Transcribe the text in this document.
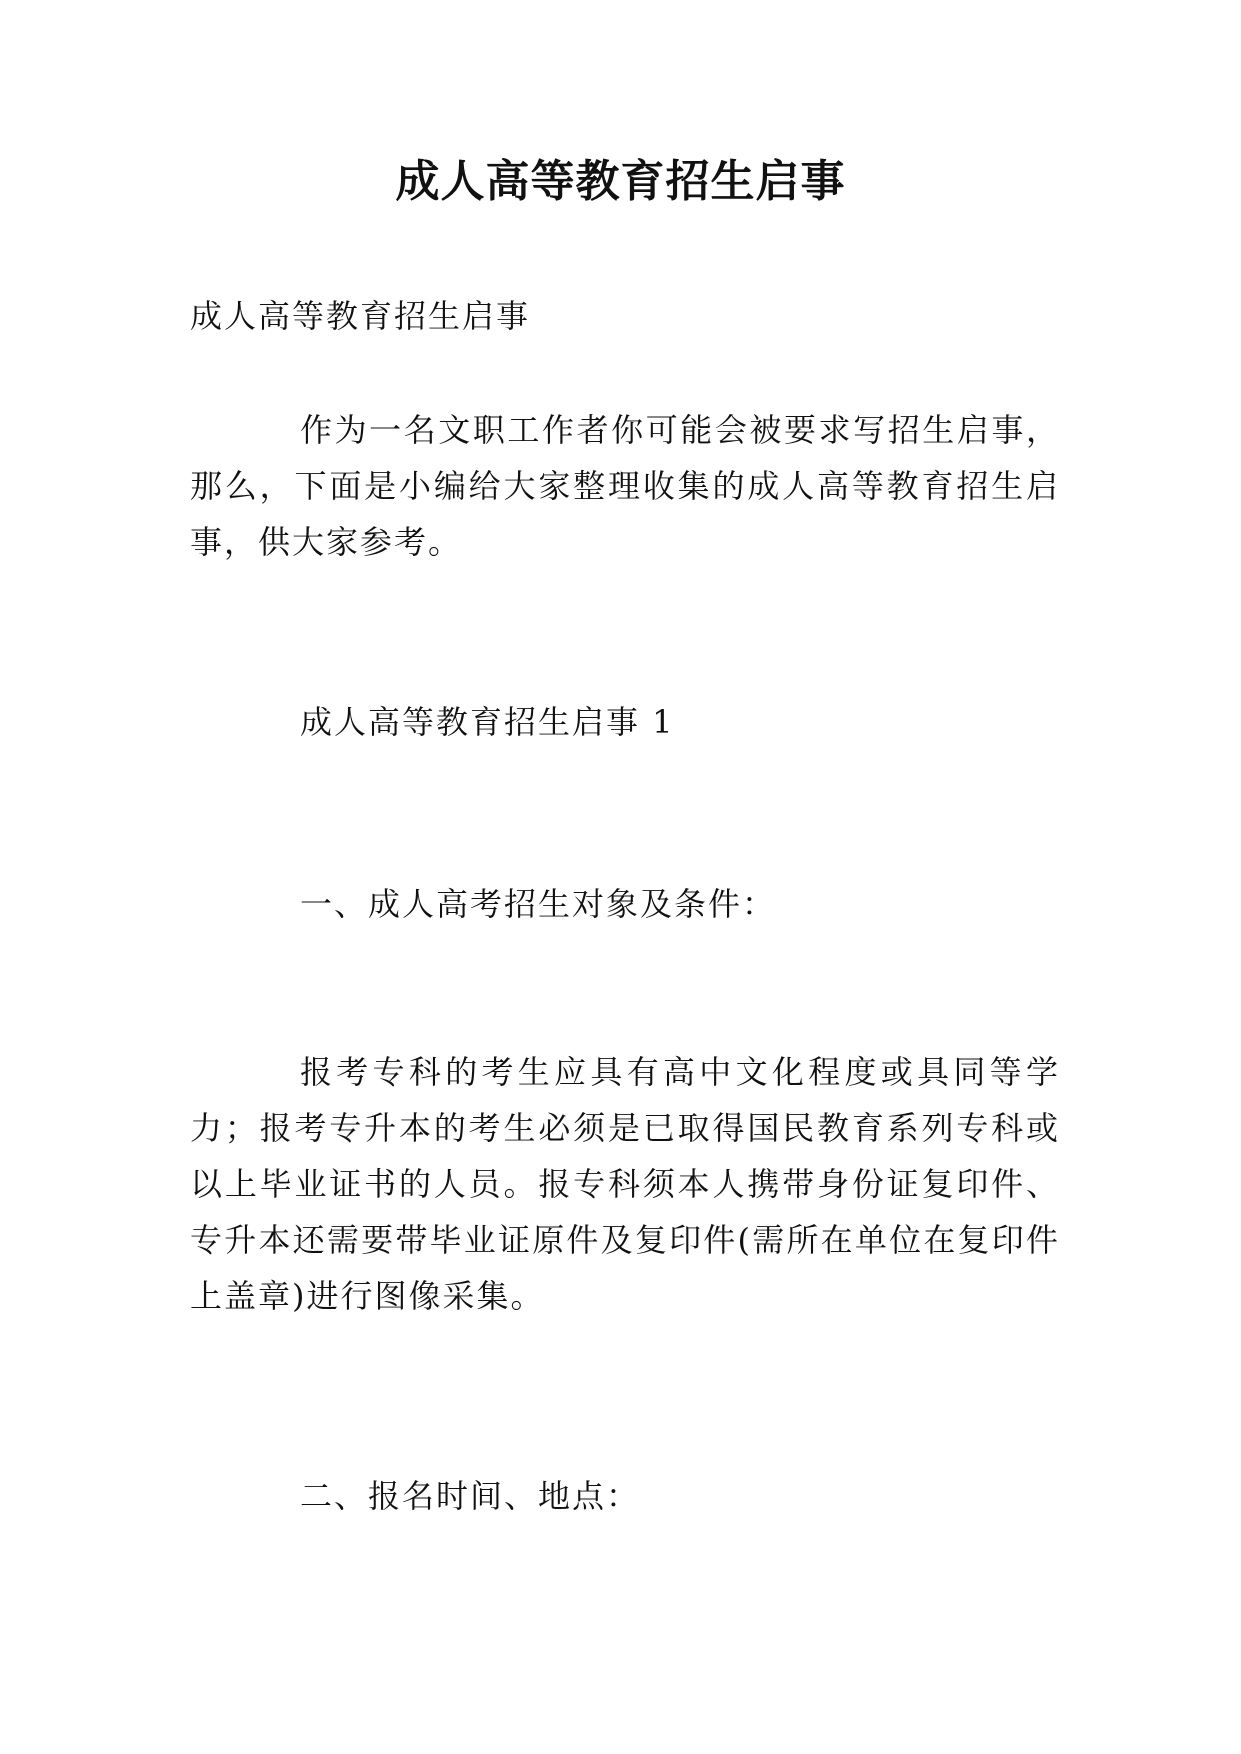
成人高等教育招生启事
成人高等教育招生启事
作为一名文职工作者你可能会被要求写招生启事，那么，下面是小编给大家整理收集的成人高等教育招生启事，供大家参考。
成人高等教育招生启事 1
一、成人高考招生对象及条件：
报考专科的考生应具有高中文化程度或具同等学力；报考专升本的考生必须是已取得国民教育系列专科或以上毕业证书的人员。报专科须本人携带身份证复印件、专升本还需要带毕业证原件及复印件(需所在单位在复印件上盖章)进行图像采集。
二、报名时间、地点：
